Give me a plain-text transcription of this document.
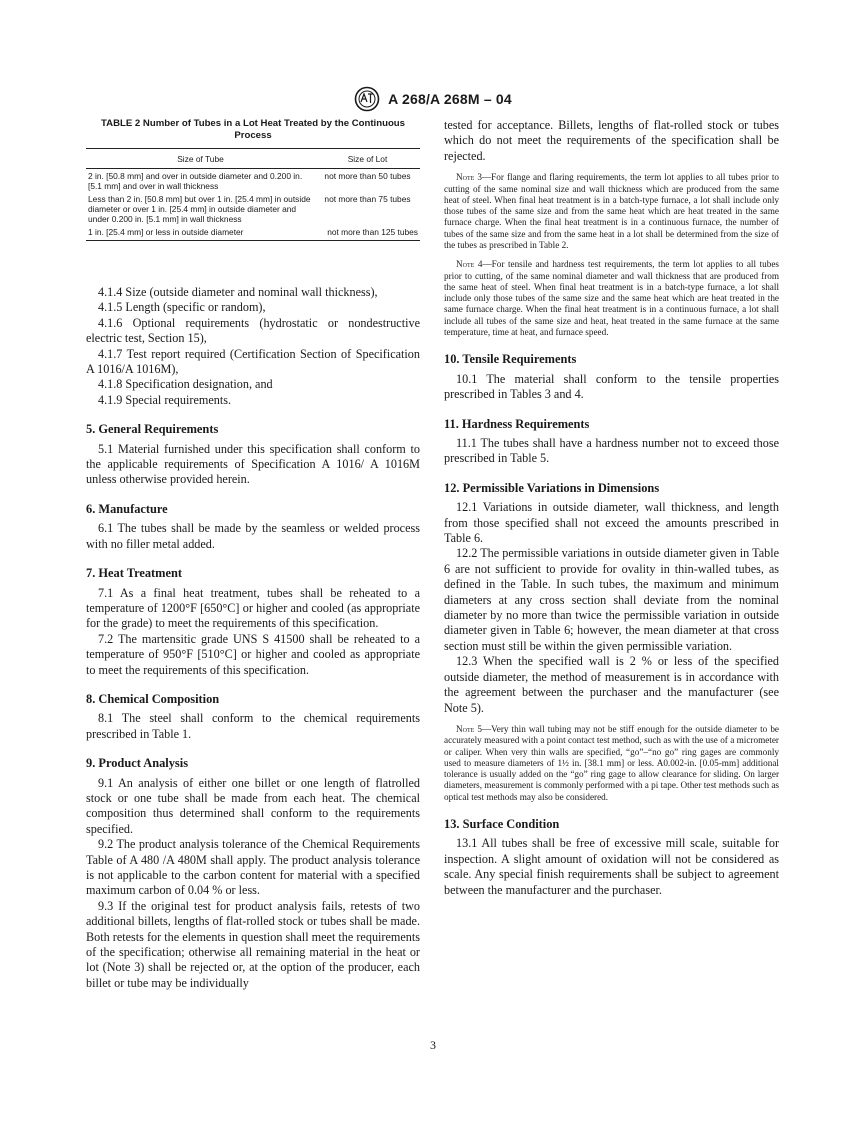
A 268/A 268M – 04
TABLE 2 Number of Tubes in a Lot Heat Treated by the Continuous Process
Size of Tube	Size of Lot
2 in. [50.8 mm] and over in outside diameter and 0.200 in. [5.1 mm] and over in wall thickness	not more than 50 tubes
Less than 2 in. [50.8 mm] but over 1 in. [25.4 mm] in outside diameter or over 1 in. [25.4 mm] in outside diameter and under 0.200 in. [5.1 mm] in wall thickness	not more than 75 tubes
1 in. [25.4 mm] or less in outside diameter	not more than 125 tubes

4.1.4 Size (outside diameter and nominal wall thickness),

4.1.5 Length (specific or random),

4.1.6 Optional requirements (hydrostatic or nondestructive electric test, Section 15),

4.1.7 Test report required (Certification Section of Specification A 1016/A 1016M),

4.1.8 Specification designation, and

4.1.9 Special requirements.

5. General Requirements

5.1 Material furnished under this specification shall conform to the applicable requirements of Specification A 1016/ A 1016M unless otherwise provided herein.

6. Manufacture

6.1 The tubes shall be made by the seamless or welded process with no filler metal added.

7. Heat Treatment

7.1 As a final heat treatment, tubes shall be reheated to a temperature of 1200°F [650°C] or higher and cooled (as appropriate for the grade) to meet the requirements of this specification.

7.2 The martensitic grade UNS S 41500 shall be reheated to a temperature of 950°F [510°C] or higher and cooled as appropriate to meet the requirements of this specification.

8. Chemical Composition

8.1 The steel shall conform to the chemical requirements prescribed in Table 1.

9. Product Analysis

9.1 An analysis of either one billet or one length of flatrolled stock or one tube shall be made from each heat. The chemical composition thus determined shall conform to the requirements specified.

9.2 The product analysis tolerance of the Chemical Requirements Table of A 480 /A 480M shall apply. The product analysis tolerance is not applicable to the carbon content for material with a specified maximum carbon of 0.04 % or less.

9.3 If the original test for product analysis fails, retests of two additional billets, lengths of flat-rolled stock or tubes shall be made. Both retests for the elements in question shall meet the requirements of the specification; otherwise all remaining material in the heat or lot (Note 3) shall be rejected or, at the option of the producer, each billet or tube may be individually

tested for acceptance. Billets, lengths of flat-rolled stock or tubes which do not meet the requirements of the specification shall be rejected.

Note 3—For flange and flaring requirements, the term lot applies to all tubes prior to cutting of the same nominal size and wall thickness which are produced from the same heat of steel. When final heat treatment is in a batch-type furnace, a lot shall include only those tubes of the same size and from the same heat which are heat treated in the same furnace charge. When the final heat treatment is in a continuous furnace, the number of tubes of the same size and from the same heat in a lot shall be determined from the size of the tubes as prescribed in Table 2.

Note 4—For tensile and hardness test requirements, the term lot applies to all tubes prior to cutting, of the same nominal diameter and wall thickness that are produced from the same heat of steel. When final heat treatment is in a batch-type furnace, a lot shall include only those tubes of the same size and the same heat which are heat treated in the same furnace charge. When the final heat treatment is in a continuous furnace, a lot shall include all tubes of the same size and heat, heat treated in the same furnace at the same temperature, time at heat, and furnace speed.

10. Tensile Requirements

10.1 The material shall conform to the tensile properties prescribed in Tables 3 and 4.

11. Hardness Requirements

11.1 The tubes shall have a hardness number not to exceed those prescribed in Table 5.

12. Permissible Variations in Dimensions

12.1 Variations in outside diameter, wall thickness, and length from those specified shall not exceed the amounts prescribed in Table 6.

12.2 The permissible variations in outside diameter given in Table 6 are not sufficient to provide for ovality in thin-walled tubes, as defined in the Table. In such tubes, the maximum and minimum diameters at any cross section shall deviate from the nominal diameter by no more than twice the permissible variation in outside diameter given in Table 6; however, the mean diameter at that cross section must still be within the given permissible variation.

12.3 When the specified wall is 2 % or less of the specified outside diameter, the method of measurement is in accordance with the agreement between the purchaser and the manufacturer (see Note 5).

Note 5—Very thin wall tubing may not be stiff enough for the outside diameter to be accurately measured with a point contact test method, such as with the use of a micrometer or caliper. When very thin walls are specified, “go”–“no go” ring gages are commonly used to measure diameters of 1½ in. [38.1 mm] or less. A0.002-in. [0.05-mm] additional tolerance is usually added on the “go” ring gage to allow clearance for sliding. On larger diameters, measurement is commonly performed with a pi tape. Other test methods such as optical test methods may also be considered.

13. Surface Condition

13.1 All tubes shall be free of excessive mill scale, suitable for inspection. A slight amount of oxidation will not be considered as scale. Any special finish requirements shall be subject to agreement between the manufacturer and the purchaser.

3
